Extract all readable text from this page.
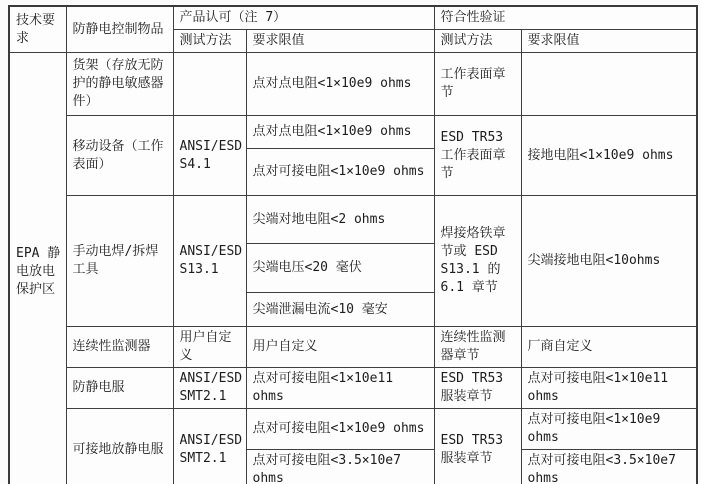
技术要求	防静电控制物品	产品认可（注 7）		符合性验证	
		测试方法	要求限值	测试方法	要求限值
EPA 静电放电保护区	货架（存放无防护的静电敏感器件）		点对点电阻<1×10e9 ohms	工作表面章节	
	移动设备（工作表面）	ANSI/ESD S4.1	点对点电阻<1×10e9 ohms	ESD TR53 工作表面章节	接地电阻<1×10e9 ohms
			点对可接电阻<1×10e9 ohms		
	手动电焊/拆焊工具	ANSI/ESD S13.1	尖端对地电阻<2 ohms	焊接烙铁章节或 ESD S13.1 的 6.1 章节	尖端接地电阻<10ohms
			尖端电压<20 毫伏		
			尖端泄漏电流<10 毫安		
	连续性监测器	用户自定义	用户自定义	连续性监测器章节	厂商自定义
	防静电服	ANSI/ESD SMT2.1	点对可接电阻<1×10e11 ohms	ESD TR53 服装章节	点对可接电阻<1×10e11 ohms
	可接地放静电服	ANSI/ESD SMT2.1	点对可接电阻<1×10e9 ohms	ESD TR53 服装章节	点对可接电阻<1×10e9 ohms
			点对可接电阻<3.5×10e7 ohms		点对可接电阻<3.5×10e7 ohms
